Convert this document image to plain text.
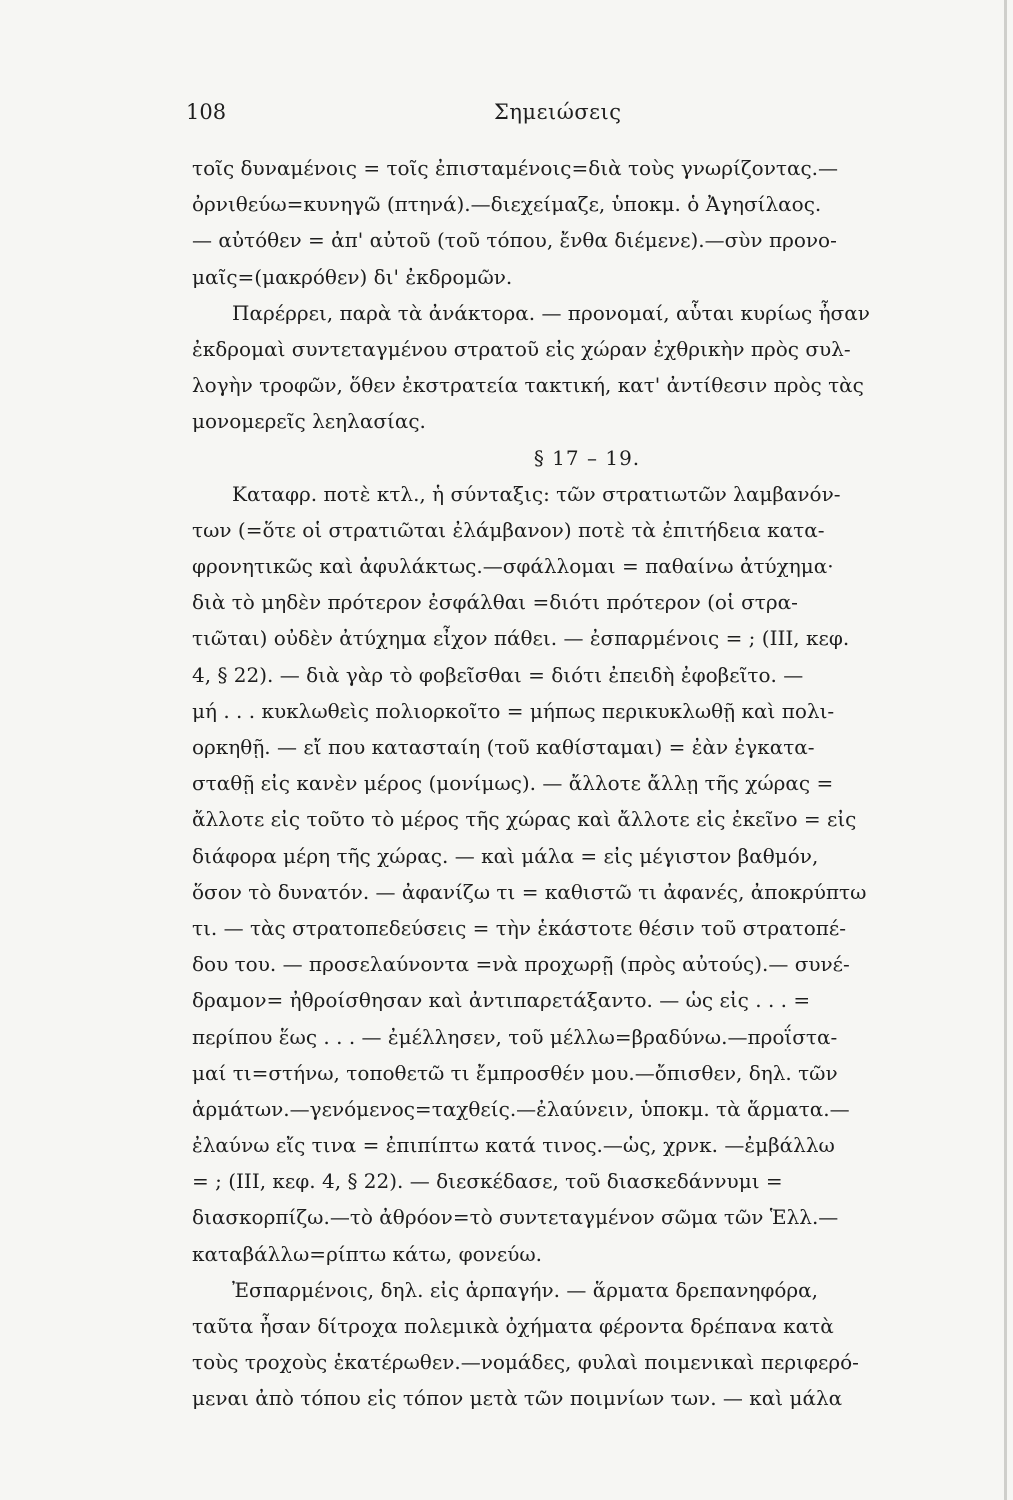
108	Σημειώσεις
τοῖς δυναμένοις = τοῖς ἐπισταμένοις=διὰ τοὺς γνωρίζοντας.—
ὀρνιθεύω=κυνηγῶ (πτηνά).—διεχείμαζε, ὑποκμ. ὁ Ἀγησίλαος.
— αὐτόθεν = ἀπ' αὐτοῦ (τοῦ τόπου, ἔνθα διέμενε).—σὺν προνο-
μαῖς=(μακρόθεν) δι' ἐκδρομῶν.
Παρέρρει, παρὰ τὰ ἀνάκτορα. — προνομαί, αὗται κυρίως ἦσαν
ἐκδρομαὶ συντεταγμένου στρατοῦ εἰς χώραν ἐχθρικὴν πρὸς συλ-
λογὴν τροφῶν, ὅθεν ἐκστρατεία τακτική, κατ' ἀντίθεσιν πρὸς τὰς
μονομερεῖς λεηλασίας.
§ 17 – 19.
Καταφρ. ποτὲ κτλ., ἡ σύνταξις: τῶν στρατιωτῶν λαμβανόν-
των (=ὅτε οἱ στρατιῶται ἐλάμβανον) ποτὲ τὰ ἐπιτήδεια κατα-
φρονητικῶς καὶ ἀφυλάκτως.—σφάλλομαι = παθαίνω ἀτύχημα·
διὰ τὸ μηδὲν πρότερον ἐσφάλθαι =διότι πρότερον (οἱ στρα-
τιῶται) οὐδὲν ἀτύχημα εἶχον πάθει. — ἐσπαρμένοις = ; (ΙΙΙ, κεφ.
4, § 22). — διὰ γὰρ τὸ φοβεῖσθαι = διότι ἐπειδὴ ἐφοβεῖτο. —
μή . . . κυκλωθεὶς πολιορκοῖτο = μήπως περικυκλωθῇ καὶ πολι-
ορκηθῇ. — εἴ που κατασταίη (τοῦ καθίσταμαι) = ἐὰν ἐγκατα-
σταθῇ εἰς κανὲν μέρος (μονίμως). — ἄλλοτε ἄλλῃ τῆς χώρας =
ἄλλοτε εἰς τοῦτο τὸ μέρος τῆς χώρας καὶ ἄλλοτε εἰς ἐκεῖνο = εἰς
διάφορα μέρη τῆς χώρας. — καὶ μάλα = εἰς μέγιστον βαθμόν,
ὅσον τὸ δυνατόν. — ἀφανίζω τι = καθιστῶ τι ἀφανές, ἀποκρύπτω
τι. — τὰς στρατοπεδεύσεις = τὴν ἑκάστοτε θέσιν τοῦ στρατοπέ-
δου του. — προσελαύνοντα =νὰ προχωρῇ (πρὸς αὐτούς).— συνέ-
δραμον= ἠθροίσθησαν καὶ ἀντιπαρετάξαντο. — ὡς εἰς . . . =
περίπου ἕως . . . — ἐμέλλησεν, τοῦ μέλλω=βραδύνω.—προΐστα-
μαί τι=στήνω, τοποθετῶ τι ἔμπροσθέν μου.—ὄπισθεν, δηλ. τῶν
ἁρμάτων.—γενόμενος=ταχθείς.—ἐλαύνειν, ὑποκμ. τὰ ἅρματα.—
ἐλαύνω εἴς τινα = ἐπιπίπτω κατά τινος.—ὡς, χρνκ. —ἐμβάλλω
= ; (ΙΙΙ, κεφ. 4, § 22). — διεσκέδασε, τοῦ διασκεδάννυμι =
διασκορπίζω.—τὸ ἀθρόον=τὸ συντεταγμένον σῶμα τῶν Ἑλλ.—
καταβάλλω=ρίπτω κάτω, φονεύω.
Ἐσπαρμένοις, δηλ. εἰς ἁρπαγήν. — ἅρματα δρεπανηφόρα,
ταῦτα ἦσαν δίτροχα πολεμικὰ ὀχήματα φέροντα δρέπανα κατὰ
τοὺς τροχοὺς ἑκατέρωθεν.—νομάδες, φυλαὶ ποιμενικαὶ περιφερό-
μεναι ἀπὸ τόπου εἰς τόπον μετὰ τῶν ποιμνίων των. — καὶ μάλα
